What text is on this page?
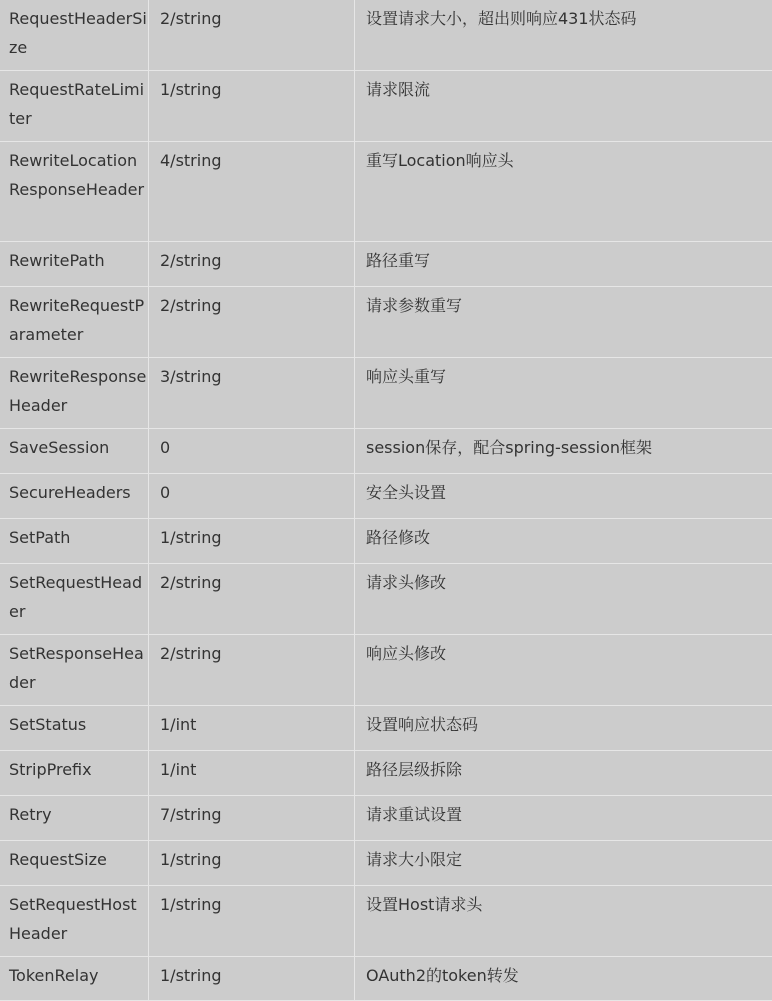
RequestHeaderSize	2/string	设置请求大小，超出则响应431状态码
RequestRateLimiter	1/string	请求限流
RewriteLocationResponseHeader	4/string	重写Location响应头
RewritePath	2/string	路径重写
RewriteRequestParameter	2/string	请求参数重写
RewriteResponseHeader	3/string	响应头重写
SaveSession	0	session保存，配合spring-session框架
SecureHeaders	0	安全头设置
SetPath	1/string	路径修改
SetRequestHeader	2/string	请求头修改
SetResponseHeader	2/string	响应头修改
SetStatus	1/int	设置响应状态码
StripPrefix	1/int	路径层级拆除
Retry	7/string	请求重试设置
RequestSize	1/string	请求大小限定
SetRequestHostHeader	1/string	设置Host请求头
TokenRelay	1/string	OAuth2的token转发
